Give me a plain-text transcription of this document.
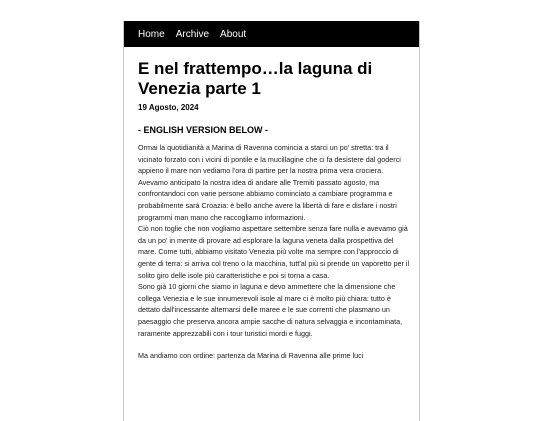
Home Archive About
E nel frattempo…la laguna di Venezia parte 1

19 Agosto, 2024

- ENGLISH VERSION BELOW -

Ormai la quotidianità a Marina di Ravenna comincia a starci un po' stretta: tra il vicinato forzato con i vicini di pontile e la mucillagine che ci fa desistere dal goderci appieno il mare non vediamo l'ora di partire per la nostra prima vera crociera.

Avevamo anticipato la nostra idea di andare alle Tremiti passato agosto, ma confrontandoci con varie persone abbiamo cominciato a cambiare programma e probabilmente sarà Croazia: è bello anche avere la libertà di fare e disfare i nostri programmi man mano che raccogliamo informazioni.

Ciò non toglie che non vogliamo aspettare settembre senza fare nulla e avevamo già da un po' in mente di provare ad esplorare la laguna veneta dalla prospettiva del mare. Come tutti, abbiamo visitato Venezia più volte ma sempre con l'approccio di gente di terra: si arriva col treno o la macchina, tutt'al più si prende un vaporetto per il solito giro delle isole più caratteristiche e poi si torna a casa.

Sono già 10 giorni che siamo in laguna e devo ammettere che la dimensione che collega Venezia e le sue innumerevoli isole al mare ci è molto più chiara: tutto è dettato dall'incessante alternarsi delle maree e le sue correnti che plasmano un paesaggio che preserva ancora ampie sacche di natura selvaggia e incontaminata, raramente apprezzabili con i tour turistici mordi e fuggi.

Ma andiamo con ordine: partenza da Marina di Ravenna alle prime luci
